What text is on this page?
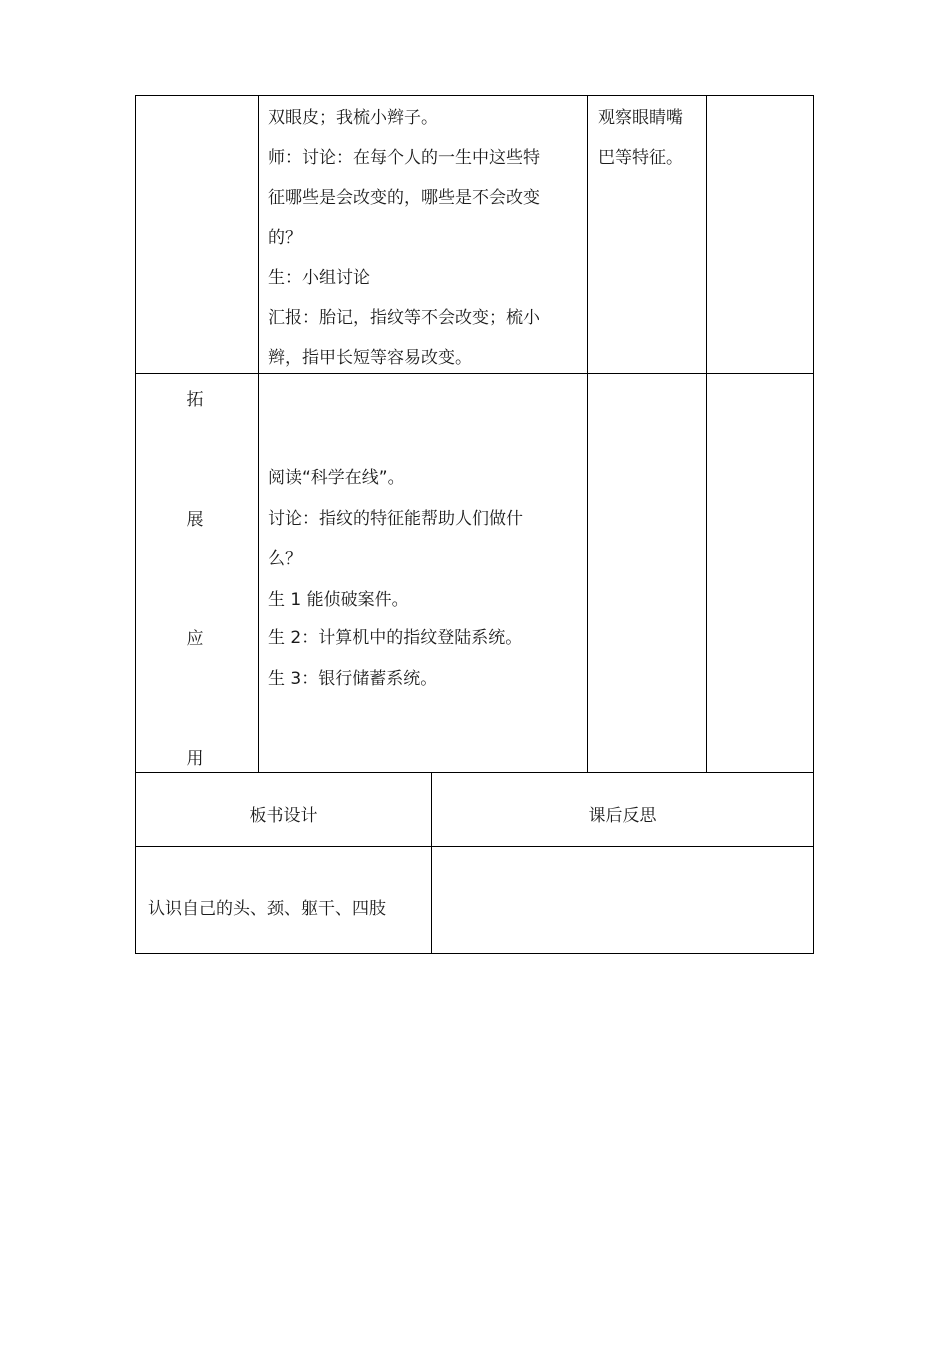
双眼皮；我梳小辫子。
师：讨论：在每个人的一生中这些特
征哪些是会改变的，哪些是不会改变
的？
生：小组讨论
汇报：胎记，指纹等不会改变；梳小
辫，指甲长短等容易改变。
观察眼睛嘴
巴等特征。
拓
展
应
用
阅读“科学在线”。
讨论：指纹的特征能帮助人们做什
么？
生 1 能侦破案件。
生 2：计算机中的指纹登陆系统。
生 3：银行储蓄系统。
板书设计	课后反思
认识自己的头、颈、躯干、四肢
